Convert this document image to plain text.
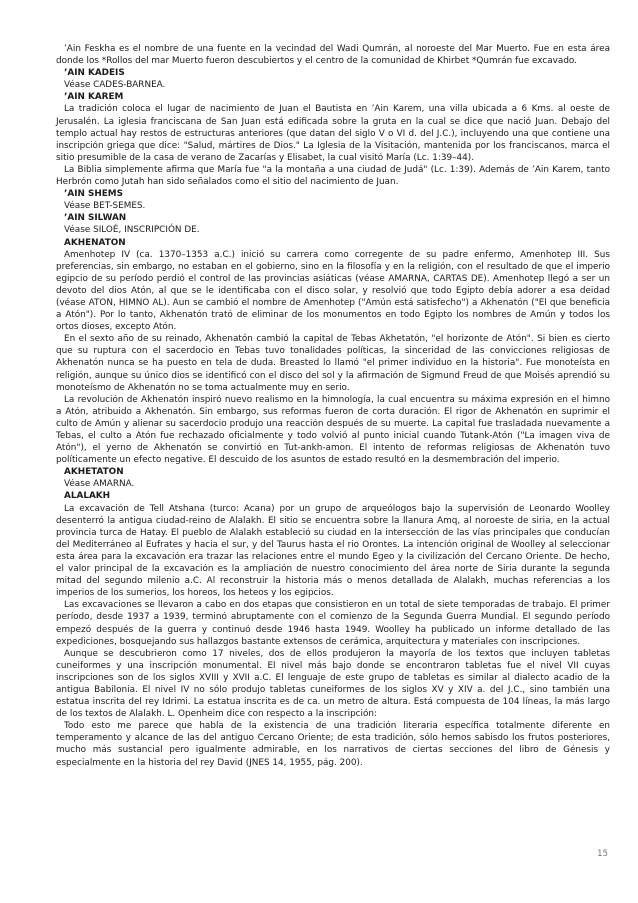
’Ain Feskha es el nombre de una fuente en la vecindad del Wadi Qumrán, al noroeste del Mar Muerto. Fue en esta área donde los *Rollos del mar Muerto fueron descubiertos y el centro de la comunidad de Khirbet *Qumrán fue excavado.

’AIN KADEIS

Véase CADES-BARNEA.

’AIN KAREM

La tradición coloca el lugar de nacimiento de Juan el Bautista en ’Ain Karem, una villa ubicada a 6 Kms. al oeste de Jerusalén. La iglesia franciscana de San Juan está edificada sobre la gruta en la cual se dice que nació Juan. Debajo del templo actual hay restos de estructuras anteriores (que datan del siglo V o VI d. del J.C.), incluyendo una que contiene una inscripción griega que dice: "Salud, mártires de Dios." La Iglesia de la Visitación, mantenida por los franciscanos, marca el sitio presumible de la casa de verano de Zacarías y Elisabet, la cual visitó María (Lc. 1:39–44).

La Biblia simplemente afirma que María fue "a la montaña a una ciudad de Judá" (Lc. 1:39). Además de ’Ain Karem, tanto Herbrón como Jutah han sido señalados como el sitio del nacimiento de Juan.

’AIN SHEMS

Véase BET-SEMES.

’AIN SILWAN

Véase SILOÉ, INSCRIPCIÓN DE.

AKHENATON

Amenhotep IV (ca. 1370–1353 a.C.) inició su carrera como corregente de su padre enfermo, Amenhotep III. Sus preferencias, sin embargo, no estaban en el gobierno, sino en la filosofía y en la religión, con el resultado de que el imperio egipcio de su período perdió el control de las provincias asiáticas (véase AMARNA, CARTAS DE). Amenhotep llegó a ser un devoto del dios Atón, al que se le identificaba con el disco solar, y resolvió que todo Egipto debía adorer a esa deidad (véase ATON, HIMNO AL). Aun se cambió el nombre de Amenhotep ("Amún está satisfecho") a Akhenatón ("El que beneficia a Atón"). Por lo tanto, Akhenatón trató de eliminar de los monumentos en todo Egipto los nombres de Amún y todos los ortos dioses, excepto Atón.

En el sexto año de su reinado, Akhenatón cambió la capital de Tebas Akhetatón, "el horizonte de Atón". Si bien es cierto que su ruptura con el sacerdocio en Tebas tuvo tonalidades políticas, la sinceridad de las convicciones religiosas de Akhenatón nunca se ha puesto en tela de duda. Breasted lo llamó "el primer individuo en la historia". Fue monoteísta en religión, aunque su único dios se identificó con el disco del sol y la afirmación de Sigmund Freud de que Moisés aprendió su monoteísmo de Akhenatón no se toma actualmente muy en serio.

La revolución de Akhenatón inspiró nuevo realismo en la himnología, la cual encuentra su máxima expresión en el himno a Atón, atribuido a Akhenatón. Sin embargo, sus reformas fueron de corta duración. El rigor de Akhenatón en suprimir el culto de Amún y alienar su sacerdocio produjo una reacción después de su muerte. La capital fue trasladada nuevamente a Tebas, el culto a Atón fue rechazado oficialmente y todo volvió al punto inicial cuando Tutank-Atón ("La imagen viva de Atón"), el yerno de Akhenatón se convirtió en Tut-ankh-amon. El intento de reformas religiosas de Akhenatón tuvo políticamente un efecto negative. El descuido de los asuntos de estado resultó en la desmembración del imperio.

AKHETATON

Véase AMARNA.

ALALAKH

La excavación de Tell Atshana (turco: Acana) por un grupo de arqueólogos bajo la supervisión de Leonardo Woolley desenterró la antigua ciudad-reino de Alalakh. El sitio se encuentra sobre la llanura Amq, al noroeste de siria, en la actual provincia turca de Hatay. El pueblo de Alalakh estableció su ciudad en la intersección de las vías principales que conducían del Mediterráneo al Eufrates y hacia el sur, y del Taurus hasta el rio Orontes. La intención original de Woolley al seleccionar esta área para la excavación era trazar las relaciones entre el mundo Egeo y la civilización del Cercano Oriente. De hecho, el valor principal de la excavación es la ampliación de nuestro conocimiento del área norte de Siria durante la segunda mitad del segundo milenio a.C. Al reconstruir la historia más o menos detallada de Alalakh, muchas referencias a los imperios de los sumerios, los horeos, los heteos y los egipcios.

Las excavaciones se llevaron a cabo en dos etapas que consistieron en un total de siete temporadas de trabajo. El primer período, desde 1937 a 1939, terminó abruptamente con el comienzo de la Segunda Guerra Mundial. El segundo período empezó después de la guerra y continuó desde 1946 hasta 1949. Woolley ha publicado un informe detallado de las expediciones, bosquejando sus hallazgos bastante extensos de cerámica, arquitectura y materiales con inscripciones.

Aunque se descubrieron como 17 niveles, dos de ellos produjeron la mayoría de los textos que incluyen tabletas cuneiformes y una inscripción monumental. El nivel más bajo donde se encontraron tabletas fue el nivel VII cuyas inscripciones son de los siglos XVIII y XVII a.C. El lenguaje de este grupo de tabletas es similar al dialecto acadio de la antigua Babilonia. El nivel IV no sólo produjo tabletas cuneiformes de los siglos XV y XIV a. del J.C., sino también una estatua inscrita del rey Idrimi. La estatua inscrita es de ca. un metro de altura. Está compuesta de 104 líneas, la más largo de los textos de Alalakh. L. Openheim dice con respecto a la inscripción:

Todo esto me parece que habla de la existencia de una tradición literaria específica totalmente diferente en temperamento y alcance de las del antiguo Cercano Oriente; de esta tradición, sólo hemos sabisdo los frutos posteriores, mucho más sustancial pero igualmente admirable, en los narrativos de ciertas secciones del libro de Génesis y especialmente en la historia del rey David (JNES 14, 1955, pág. 200).

15
